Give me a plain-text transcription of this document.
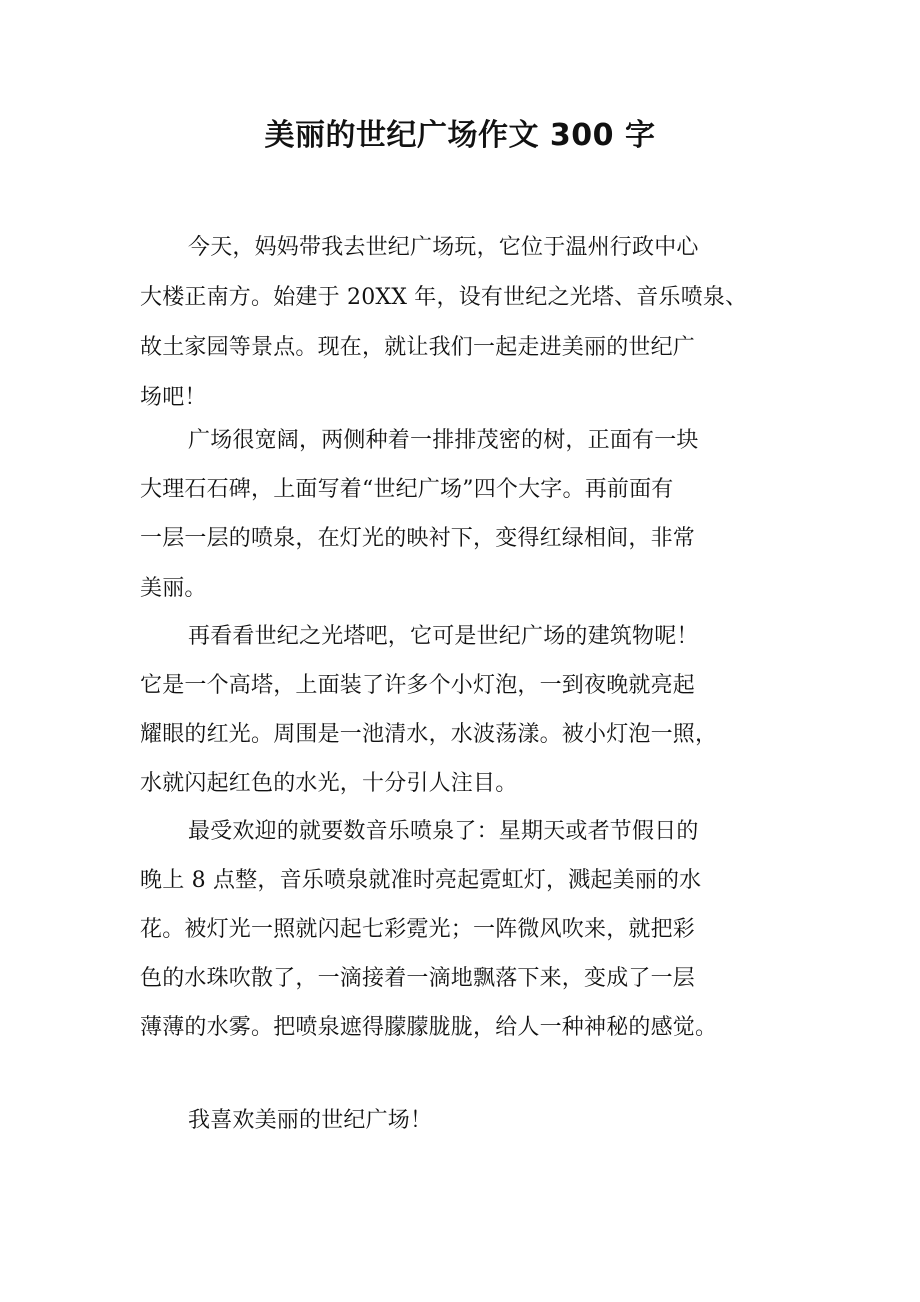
美丽的世纪广场作文 300 字
今天，妈妈带我去世纪广场玩，它位于温州行政中心
大楼正南方。始建于 20XX 年，设有世纪之光塔、音乐喷泉、
故土家园等景点。现在，就让我们一起走进美丽的世纪广
场吧！
广场很宽阔，两侧种着一排排茂密的树，正面有一块
大理石石碑，上面写着“世纪广场”四个大字。再前面有
一层一层的喷泉，在灯光的映衬下，变得红绿相间，非常
美丽。
再看看世纪之光塔吧，它可是世纪广场的建筑物呢！
它是一个高塔，上面装了许多个小灯泡，一到夜晚就亮起
耀眼的红光。周围是一池清水，水波荡漾。被小灯泡一照，
水就闪起红色的水光，十分引人注目。
最受欢迎的就要数音乐喷泉了：星期天或者节假日的
晚上 8 点整，音乐喷泉就准时亮起霓虹灯，溅起美丽的水
花。被灯光一照就闪起七彩霓光；一阵微风吹来，就把彩
色的水珠吹散了，一滴接着一滴地飘落下来，变成了一层
薄薄的水雾。把喷泉遮得朦朦胧胧，给人一种神秘的感觉。
我喜欢美丽的世纪广场！
